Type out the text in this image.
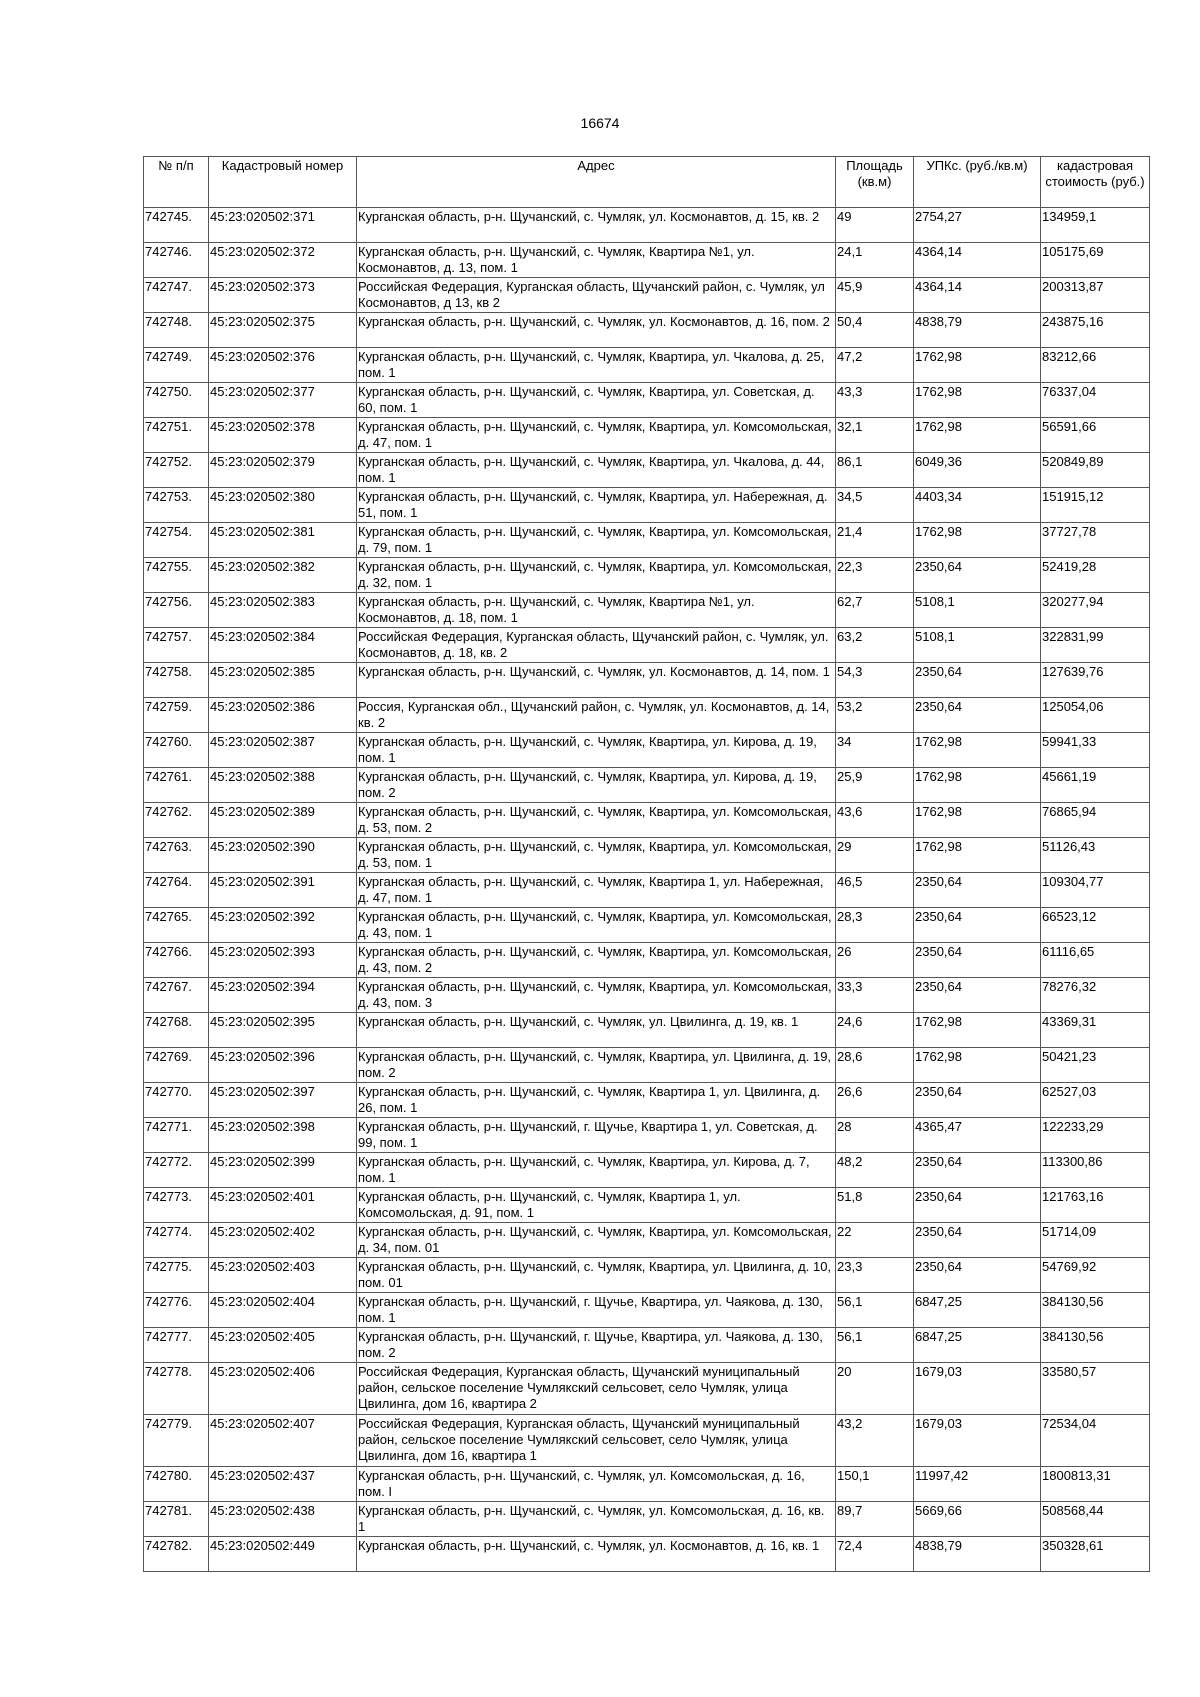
16674
№ п/п	Кадастровый номер	Адрес	Площадь (кв.м)	УПКс. (руб./кв.м)	кадастровая стоимость (руб.)
742745.	45:23:020502:371	Курганская область, р-н. Щучанский, с. Чумляк, ул. Космонавтов, д. 15, кв. 2	49	2754,27	134959,1
742746.	45:23:020502:372	Курганская область, р-н. Щучанский, с. Чумляк, Квартира №1, ул. Космонавтов, д. 13, пом. 1	24,1	4364,14	105175,69
742747.	45:23:020502:373	Российская Федерация, Курганская область, Щучанский район, с. Чумляк, ул Космонавтов, д 13, кв 2	45,9	4364,14	200313,87
742748.	45:23:020502:375	Курганская область, р-н. Щучанский, с. Чумляк, ул. Космонавтов, д. 16, пом. 2	50,4	4838,79	243875,16
742749.	45:23:020502:376	Курганская область, р-н. Щучанский, с. Чумляк, Квартира, ул. Чкалова, д. 25, пом. 1	47,2	1762,98	83212,66
742750.	45:23:020502:377	Курганская область, р-н. Щучанский, с. Чумляк, Квартира, ул. Советская, д. 60, пом. 1	43,3	1762,98	76337,04
742751.	45:23:020502:378	Курганская область, р-н. Щучанский, с. Чумляк, Квартира, ул. Комсомольская, д. 47, пом. 1	32,1	1762,98	56591,66
742752.	45:23:020502:379	Курганская область, р-н. Щучанский, с. Чумляк, Квартира, ул. Чкалова, д. 44, пом. 1	86,1	6049,36	520849,89
742753.	45:23:020502:380	Курганская область, р-н. Щучанский, с. Чумляк, Квартира, ул. Набережная, д. 51, пом. 1	34,5	4403,34	151915,12
742754.	45:23:020502:381	Курганская область, р-н. Щучанский, с. Чумляк, Квартира, ул. Комсомольская, д. 79, пом. 1	21,4	1762,98	37727,78
742755.	45:23:020502:382	Курганская область, р-н. Щучанский, с. Чумляк, Квартира, ул. Комсомольская, д. 32, пом. 1	22,3	2350,64	52419,28
742756.	45:23:020502:383	Курганская область, р-н. Щучанский, с. Чумляк, Квартира №1, ул. Космонавтов, д. 18, пом. 1	62,7	5108,1	320277,94
742757.	45:23:020502:384	Российская Федерация, Курганская область, Щучанский район, с. Чумляк, ул. Космонавтов, д. 18, кв. 2	63,2	5108,1	322831,99
742758.	45:23:020502:385	Курганская область, р-н. Щучанский, с. Чумляк, ул. Космонавтов, д. 14, пом. 1	54,3	2350,64	127639,76
742759.	45:23:020502:386	Россия, Курганская обл., Щучанский район, с. Чумляк, ул. Космонавтов, д. 14, кв. 2	53,2	2350,64	125054,06
742760.	45:23:020502:387	Курганская область, р-н. Щучанский, с. Чумляк, Квартира, ул. Кирова, д. 19, пом. 1	34	1762,98	59941,33
742761.	45:23:020502:388	Курганская область, р-н. Щучанский, с. Чумляк, Квартира, ул. Кирова, д. 19, пом. 2	25,9	1762,98	45661,19
742762.	45:23:020502:389	Курганская область, р-н. Щучанский, с. Чумляк, Квартира, ул. Комсомольская, д. 53, пом. 2	43,6	1762,98	76865,94
742763.	45:23:020502:390	Курганская область, р-н. Щучанский, с. Чумляк, Квартира, ул. Комсомольская, д. 53, пом. 1	29	1762,98	51126,43
742764.	45:23:020502:391	Курганская область, р-н. Щучанский, с. Чумляк, Квартира 1, ул. Набережная, д. 47, пом. 1	46,5	2350,64	109304,77
742765.	45:23:020502:392	Курганская область, р-н. Щучанский, с. Чумляк, Квартира, ул. Комсомольская, д. 43, пом. 1	28,3	2350,64	66523,12
742766.	45:23:020502:393	Курганская область, р-н. Щучанский, с. Чумляк, Квартира, ул. Комсомольская, д. 43, пом. 2	26	2350,64	61116,65
742767.	45:23:020502:394	Курганская область, р-н. Щучанский, с. Чумляк, Квартира, ул. Комсомольская, д. 43, пом. 3	33,3	2350,64	78276,32
742768.	45:23:020502:395	Курганская область, р-н. Щучанский, с. Чумляк, ул. Цвилинга, д. 19, кв. 1	24,6	1762,98	43369,31
742769.	45:23:020502:396	Курганская область, р-н. Щучанский, с. Чумляк, Квартира, ул. Цвилинга, д. 19, пом. 2	28,6	1762,98	50421,23
742770.	45:23:020502:397	Курганская область, р-н. Щучанский, с. Чумляк, Квартира 1, ул. Цвилинга, д. 26, пом. 1	26,6	2350,64	62527,03
742771.	45:23:020502:398	Курганская область, р-н. Щучанский, г. Щучье, Квартира 1, ул. Советская, д. 99, пом. 1	28	4365,47	122233,29
742772.	45:23:020502:399	Курганская область, р-н. Щучанский, с. Чумляк, Квартира, ул. Кирова, д. 7, пом. 1	48,2	2350,64	113300,86
742773.	45:23:020502:401	Курганская область, р-н. Щучанский, с. Чумляк, Квартира 1, ул. Комсомольская, д. 91, пом. 1	51,8	2350,64	121763,16
742774.	45:23:020502:402	Курганская область, р-н. Щучанский, с. Чумляк, Квартира, ул. Комсомольская, д. 34, пом. 01	22	2350,64	51714,09
742775.	45:23:020502:403	Курганская область, р-н. Щучанский, с. Чумляк, Квартира, ул. Цвилинга, д. 10, пом. 01	23,3	2350,64	54769,92
742776.	45:23:020502:404	Курганская область, р-н. Щучанский, г. Щучье, Квартира, ул. Чаякова, д. 130, пом. 1	56,1	6847,25	384130,56
742777.	45:23:020502:405	Курганская область, р-н. Щучанский, г. Щучье, Квартира, ул. Чаякова, д. 130, пом. 2	56,1	6847,25	384130,56
742778.	45:23:020502:406	Российская Федерация, Курганская область, Щучанский муниципальный район, сельское поселение Чумлякский сельсовет, село Чумляк, улица Цвилинга, дом 16, квартира 2	20	1679,03	33580,57
742779.	45:23:020502:407	Российская Федерация, Курганская область, Щучанский муниципальный район, сельское поселение Чумлякский сельсовет, село Чумляк, улица Цвилинга, дом 16, квартира 1	43,2	1679,03	72534,04
742780.	45:23:020502:437	Курганская область, р-н. Щучанский, с. Чумляк, ул. Комсомольская, д. 16, пом. I	150,1	11997,42	1800813,31
742781.	45:23:020502:438	Курганская область, р-н. Щучанский, с. Чумляк, ул. Комсомольская, д. 16, кв. 1	89,7	5669,66	508568,44
742782.	45:23:020502:449	Курганская область, р-н. Щучанский, с. Чумляк, ул. Космонавтов, д. 16, кв. 1	72,4	4838,79	350328,61
